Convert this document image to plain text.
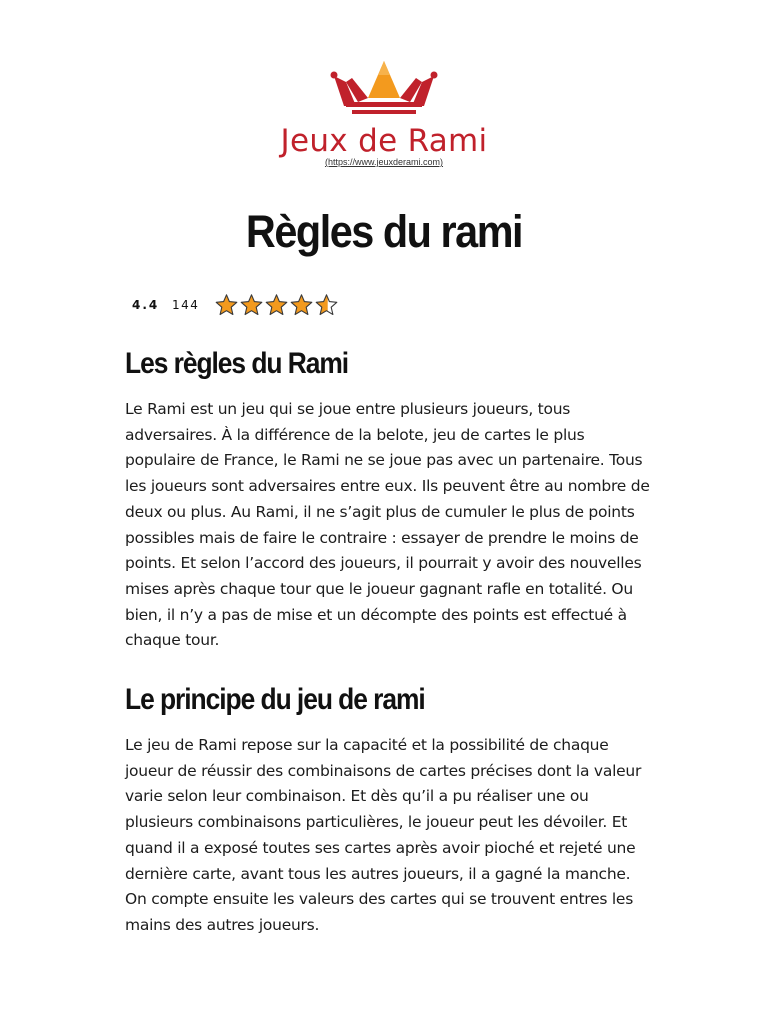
Jeux de Rami
(https://www.jeuxderami.com)
Règles du rami
4.4	144
Les règles du Rami

Le Rami est un jeu qui se joue entre plusieurs joueurs, tous adversaires. À la différence de la belote, jeu de cartes le plus populaire de France, le Rami ne se joue pas avec un partenaire. Tous les joueurs sont adversaires entre eux. Ils peuvent être au nombre de deux ou plus. Au Rami, il ne s’agit plus de cumuler le plus de points possibles mais de faire le contraire : essayer de prendre le moins de points. Et selon l’accord des joueurs, il pourrait y avoir des nouvelles mises après chaque tour que le joueur gagnant rafle en totalité. Ou bien, il n’y a pas de mise et un décompte des points est effectué à chaque tour.

Le principe du jeu de rami

Le jeu de Rami repose sur la capacité et la possibilité de chaque joueur de réussir des combinaisons de cartes précises dont la valeur varie selon leur combinaison. Et dès qu’il a pu réaliser une ou plusieurs combinaisons particulières, le joueur peut les dévoiler. Et quand il a exposé toutes ses cartes après avoir pioché et rejeté une dernière carte, avant tous les autres joueurs, il a gagné la manche. On compte ensuite les valeurs des cartes qui se trouvent entres les mains des autres joueurs.
